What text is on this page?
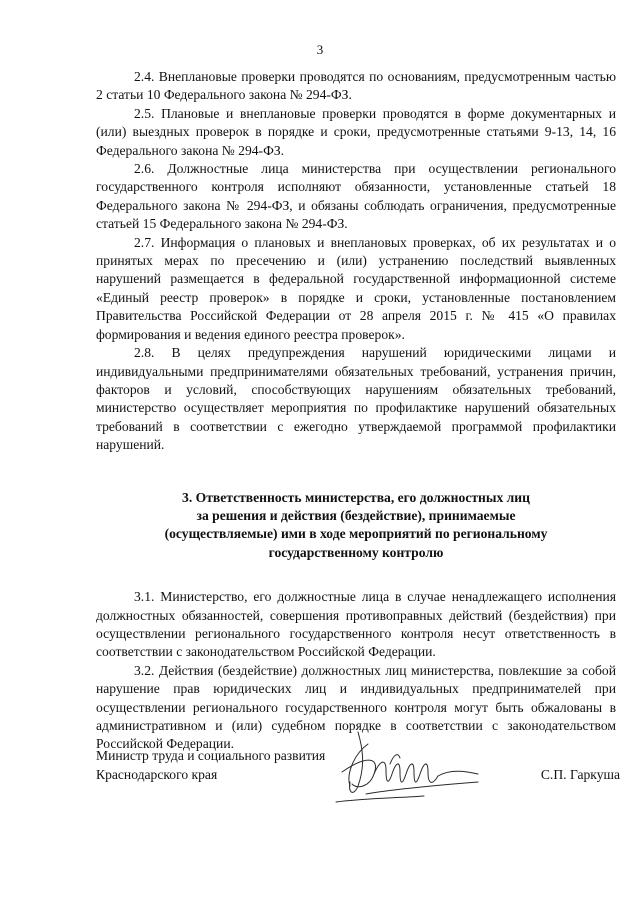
3

2.4. Внеплановые проверки проводятся по основаниям, предусмотренным частью 2 статьи 10 Федерального закона № 294-ФЗ.

2.5. Плановые и внеплановые проверки проводятся в форме документарных и (или) выездных проверок в порядке и сроки, предусмотренные статьями 9-13, 14, 16 Федерального закона № 294-ФЗ.

2.6. Должностные лица министерства при осуществлении регионального государственного контроля исполняют обязанности, установленные статьей 18 Федерального закона № 294-ФЗ, и обязаны соблюдать ограничения, предусмотренные статьей 15 Федерального закона № 294-ФЗ.

2.7. Информация о плановых и внеплановых проверках, об их результатах и о принятых мерах по пресечению и (или) устранению последствий выявленных нарушений размещается в федеральной государственной информационной системе «Единый реестр проверок» в порядке и сроки, установленные постановлением Правительства Российской Федерации от 28 апреля 2015 г. № 415 «О правилах формирования и ведения единого реестра проверок».

2.8. В целях предупреждения нарушений юридическими лицами и индивидуальными предпринимателями обязательных требований, устранения причин, факторов и условий, способствующих нарушениям обязательных требований, министерство осуществляет мероприятия по профилактике нарушений обязательных требований в соответствии с ежегодно утверждаемой программой профилактики нарушений.

3. Ответственность министерства, его должностных лиц
за решения и действия (бездействие), принимаемые
(осуществляемые) ими в ходе мероприятий по региональному
государственному контролю

3.1. Министерство, его должностные лица в случае ненадлежащего исполнения должностных обязанностей, совершения противоправных действий (бездействия) при осуществлении регионального государственного контроля несут ответственность в соответствии с законодательством Российской Федерации.

3.2. Действия (бездействие) должностных лиц министерства, повлекшие за собой нарушение прав юридических лиц и индивидуальных предпринимателей при осуществлении регионального государственного контроля могут быть обжалованы в административном и (или) судебном порядке в соответствии с законодательством Российской Федерации.

Министр труда и социального развития
Краснодарского края	С.П. Гаркуша
